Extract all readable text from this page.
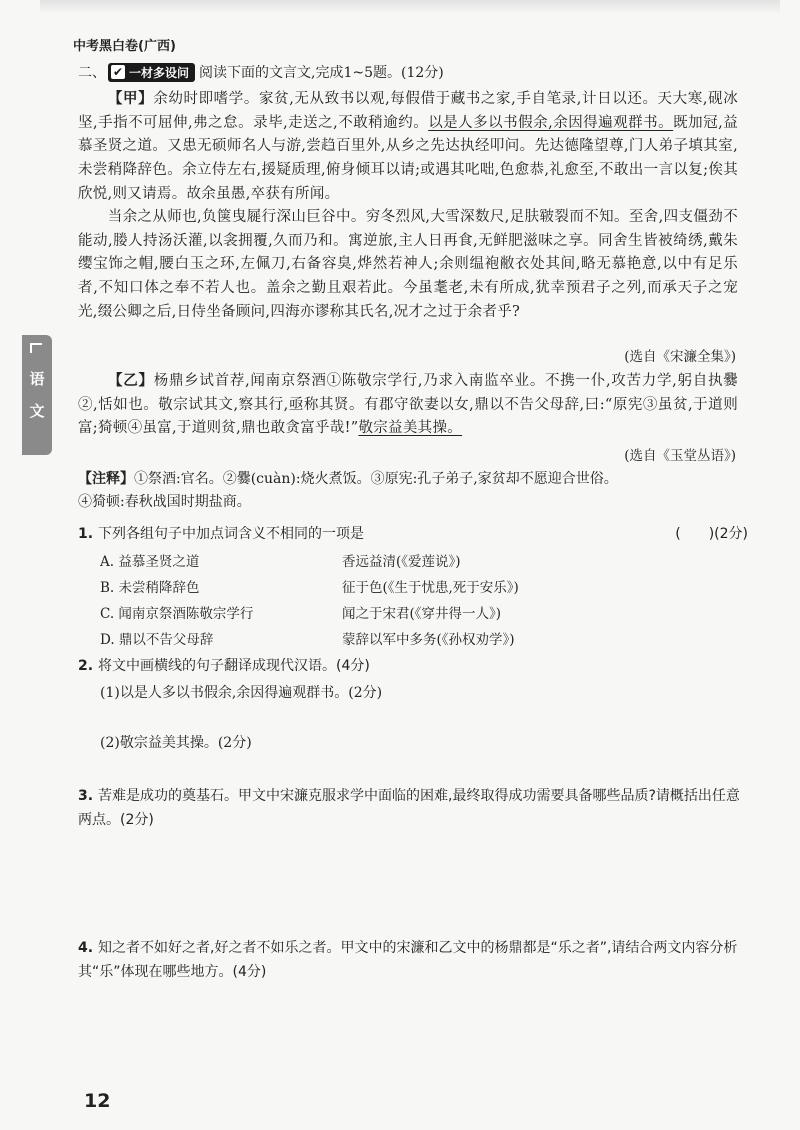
中考黑白卷(广西)
二、 ✔ 一材多设问 阅读下面的文言文,完成1~5题。(12分)
  【甲】余幼时即嗜学。家贫,无从致书以观,每假借于藏书之家,手自笔录,计日以还。天大寒,砚冰坚,手指不可屈伸,弗之怠。录毕,走送之,不敢稍逾约。以是人多以书假余,余因得遍观群书。既加冠,益慕圣贤之道。又患无硕师名人与游,尝趋百里外,从乡之先达执经叩问。先达德隆望尊,门人弟子填其室,未尝稍降辞色。余立侍左右,援疑质理,俯身倾耳以请;或遇其叱咄,色愈恭,礼愈至,不敢出一言以复;俟其欣悦,则又请焉。故余虽愚,卒获有所闻。
  当余之从师也,负箧曳屣行深山巨谷中。穷冬烈风,大雪深数尺,足肤皲裂而不知。至舍,四支僵劲不能动,媵人持汤沃灌,以衾拥覆,久而乃和。寓逆旅,主人日再食,无鲜肥滋味之享。同舍生皆被绮绣,戴朱缨宝饰之帽,腰白玉之环,左佩刀,右备容臭,烨然若神人;余则缊袍敝衣处其间,略无慕艳意,以中有足乐者,不知口体之奉不若人也。盖余之勤且艰若此。今虽耄老,未有所成,犹幸预君子之列,而承天子之宠光,缀公卿之后,日侍坐备顾问,四海亦谬称其氏名,况才之过于余者乎?
(选自《宋濂全集》)
  【乙】杨鼎乡试首荐,闻南京祭酒①陈敬宗学行,乃求入南监卒业。不携一仆,攻苦力学,躬自执爨②,恬如也。敬宗试其文,察其行,亟称其贤。有郡守欲妻以女,鼎以不告父母辞,曰:“原宪③虽贫,于道则富;猗顿④虽富,于道则贫,鼎也敢贪富乎哉!”敬宗益美其操。
(选自《玉堂丛语》)
【注释】①祭酒:官名。②爨(cuàn):烧火煮饭。③原宪:孔子弟子,家贫却不愿迎合世俗。
④猗顿:春秋战国时期盐商。
1. 下列各组句子中加点词含义不相同的一项是	(　　)(2分)
A. 益慕圣贤之道	香远益清(《爱莲说》)
B. 未尝稍降辞色	征于色(《生于忧患,死于安乐》)
C. 闻南京祭酒陈敬宗学行	闻之于宋君(《穿井得一人》)
D. 鼎以不告父母辞	蒙辞以军中多务(《孙权劝学》)
2. 将文中画横线的句子翻译成现代汉语。(4分)
(1)以是人多以书假余,余因得遍观群书。(2分)
(2)敬宗益美其操。(2分)
3. 苦难是成功的奠基石。甲文中宋濂克服求学中面临的困难,最终取得成功需要具备哪些品质?请概括出任意两点。(2分)
4. 知之者不如好之者,好之者不如乐之者。甲文中的宋濂和乙文中的杨鼎都是“乐之者”,请结合两文内容分析其“乐”体现在哪些地方。(4分)
语
文
12
